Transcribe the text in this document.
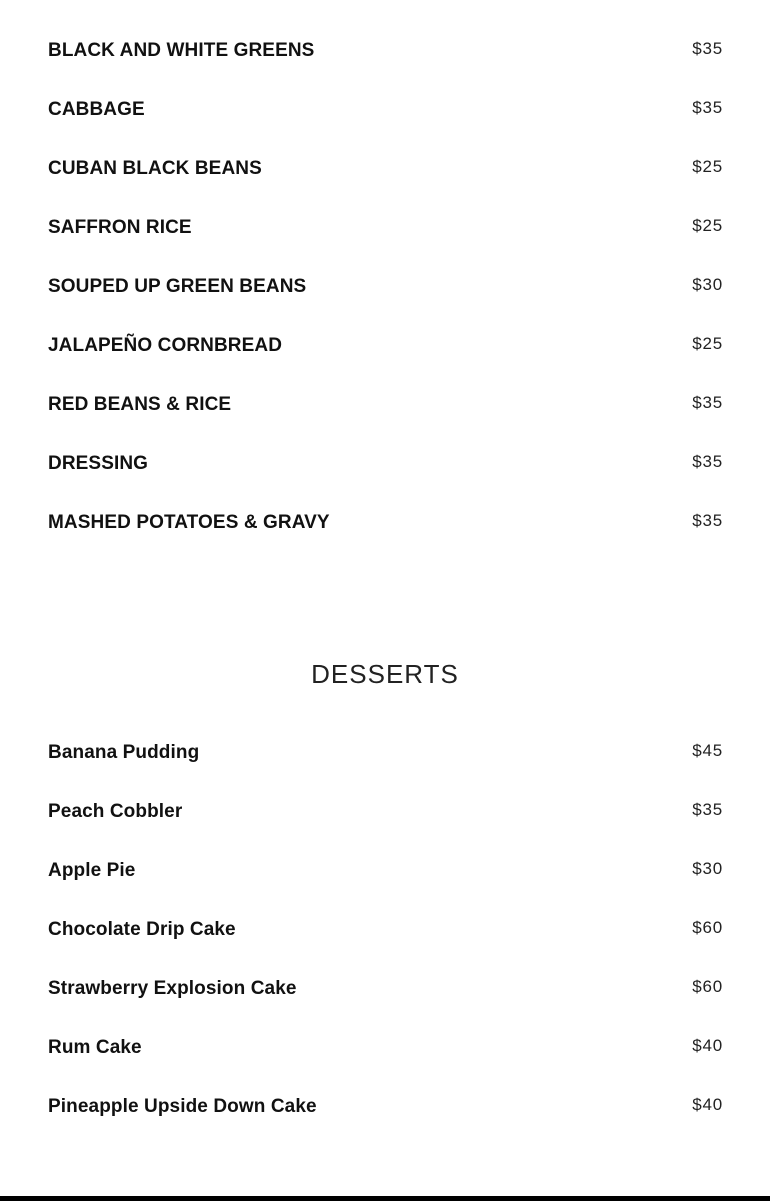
BLACK AND WHITE GREENS	$35
CABBAGE	$35
CUBAN BLACK BEANS	$25
SAFFRON RICE	$25
SOUPED UP GREEN BEANS	$30
JALAPEÑO CORNBREAD	$25
RED BEANS & RICE	$35
DRESSING	$35
MASHED POTATOES & GRAVY	$35
DESSERTS
Banana Pudding	$45
Peach Cobbler	$35
Apple Pie	$30
Chocolate Drip Cake	$60
Strawberry Explosion Cake	$60
Rum Cake	$40
Pineapple Upside Down Cake	$40
